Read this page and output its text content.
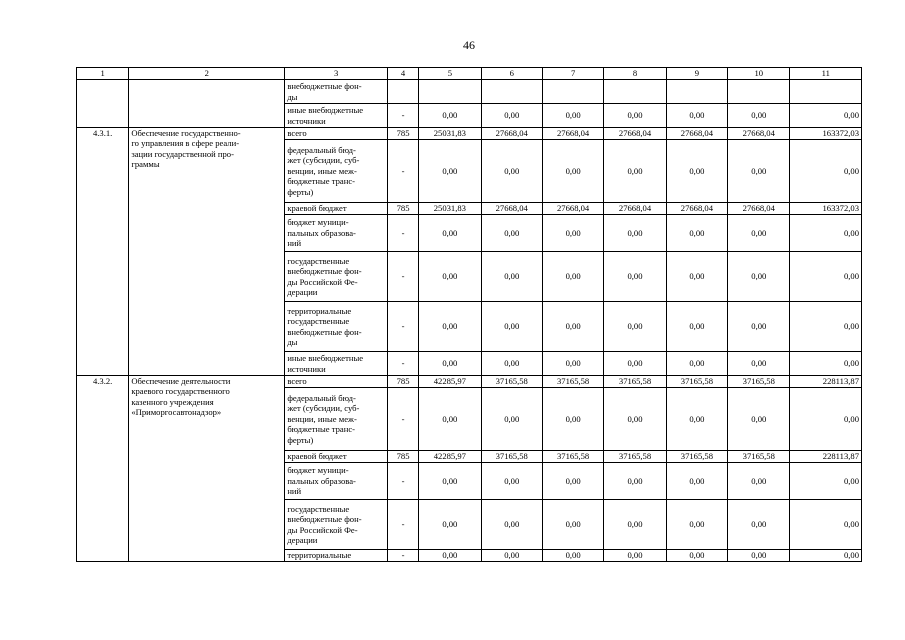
46
1	2	3	4	5	6	7	8	9	10	11
		внебюджетные фон-
ды								
		иные внебюджетные
источники	-	0,00	0,00	0,00	0,00	0,00	0,00	0,00
4.3.1.	Обеспечение государственно-
го управления в сфере реали-
зации государственной про-
граммы	всего	785	25031,83	27668,04	27668,04	27668,04	27668,04	27668,04	163372,03
		федеральный бюд-
жет (субсидии, суб-
венции, иные меж-
бюджетные транс-
ферты)	-	0,00	0,00	0,00	0,00	0,00	0,00	0,00
		краевой бюджет	785	25031,83	27668,04	27668,04	27668,04	27668,04	27668,04	163372,03
		бюджет муници-
пальных образова-
ний	-	0,00	0,00	0,00	0,00	0,00	0,00	0,00
		государственные
внебюджетные фон-
ды Российской Фе-
дерации	-	0,00	0,00	0,00	0,00	0,00	0,00	0,00
		территориальные
государственные
внебюджетные фон-
ды	-	0,00	0,00	0,00	0,00	0,00	0,00	0,00
		иные внебюджетные
источники	-	0,00	0,00	0,00	0,00	0,00	0,00	0,00
4.3.2.	Обеспечение деятельности
краевого государственного
казенного учреждения
«Приморгосавтонадзор»	всего	785	42285,97	37165,58	37165,58	37165,58	37165,58	37165,58	228113,87
		федеральный бюд-
жет (субсидии, суб-
венции, иные меж-
бюджетные транс-
ферты)	-	0,00	0,00	0,00	0,00	0,00	0,00	0,00
		краевой бюджет	785	42285,97	37165,58	37165,58	37165,58	37165,58	37165,58	228113,87
		бюджет муници-
пальных образова-
ний	-	0,00	0,00	0,00	0,00	0,00	0,00	0,00
		государственные
внебюджетные фон-
ды Российской Фе-
дерации	-	0,00	0,00	0,00	0,00	0,00	0,00	0,00
		территориальные	-	0,00	0,00	0,00	0,00	0,00	0,00	0,00
